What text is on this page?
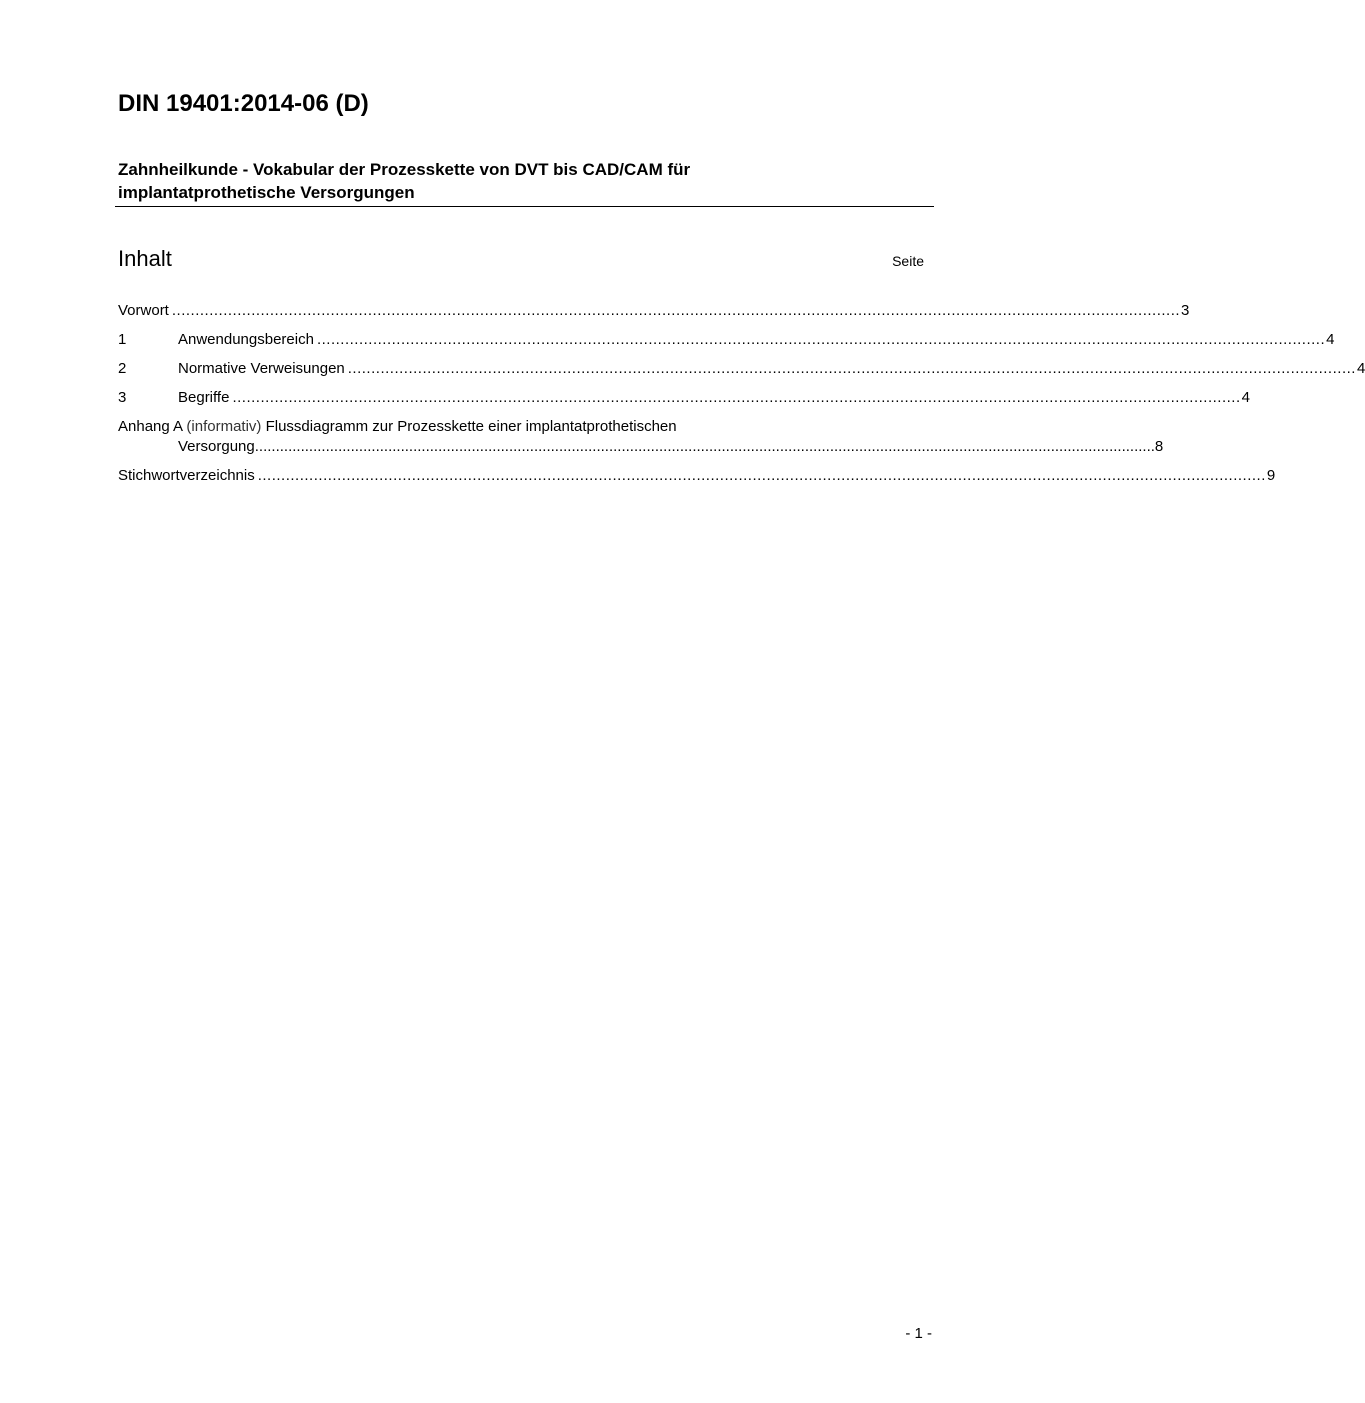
DIN 19401:2014-06 (D)
Zahnheilkunde - Vokabular der Prozesskette von DVT bis CAD/CAM für
implantatprothetische Versorgungen
Inhalt	Seite
Vorwort ........................................................................................................................................................................................................................ 3
1	Anwendungsbereich ........................................................................................................................................................................................................................ 4
2	Normative Verweisungen ........................................................................................................................................................................................................................ 4
3	Begriffe ........................................................................................................................................................................................................................ 4
Anhang A (informativ) Flussdiagramm zur Prozesskette einer implantatprothetischen
Versorgung ........................................................................................................................................................................................................................ 8
Stichwortverzeichnis ........................................................................................................................................................................................................................ 9
- 1 -
